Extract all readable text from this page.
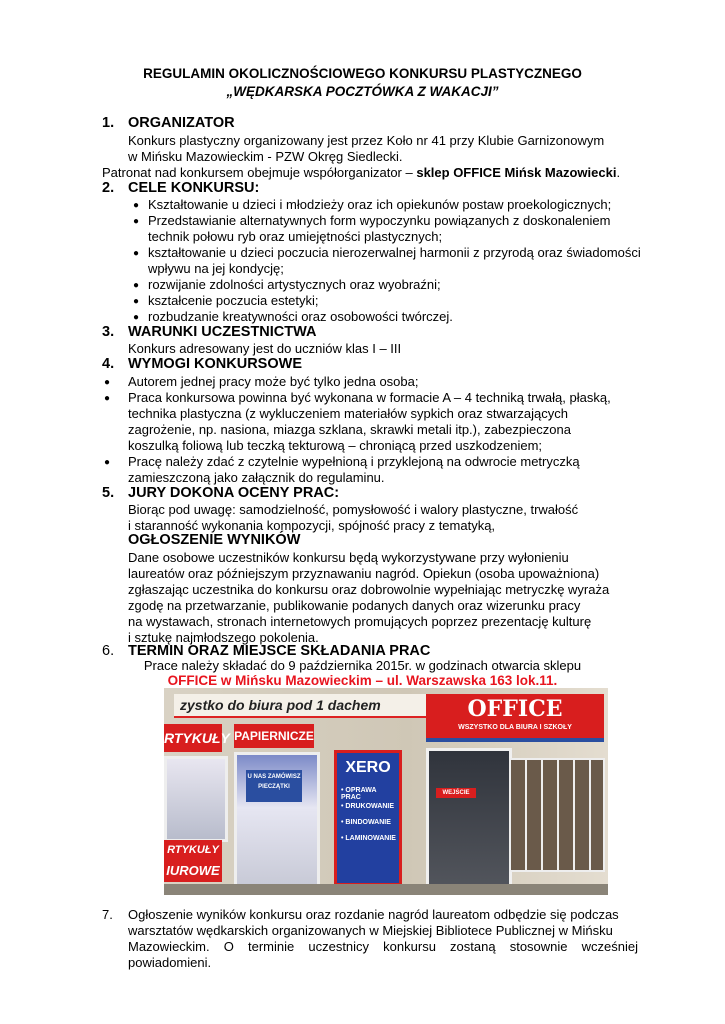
REGULAMIN OKOLICZNOŚCIOWEGO KONKURSU PLASTYCZNEGO
„WĘDKARSKA POCZTÓWKA Z WAKACJI”
1. ORGANIZATOR
Konkurs plastyczny organizowany jest przez Koło nr 41 przy Klubie Garnizonowym
w Mińsku Mazowieckim - PZW Okręg Siedlecki.
Patronat nad konkursem obejmuje współorganizator – sklep OFFICE Mińsk Mazowiecki.
2. CELE KONKURSU:
● Kształtowanie u dzieci i młodzieży oraz ich opiekunów postaw proekologicznych;
● Przedstawianie alternatywnych form wypoczynku powiązanych z doskonaleniem
technik połowu ryb oraz umiejętności plastycznych;
● kształtowanie u dzieci poczucia nierozerwalnej harmonii z przyrodą oraz świadomości
wpływu na jej kondycję;
● rozwijanie zdolności artystycznych oraz wyobraźni;
● kształcenie poczucia estetyki;
● rozbudzanie kreatywności oraz osobowości twórczej.
3. WARUNKI UCZESTNICTWA
Konkurs adresowany jest do uczniów klas I – III
4. WYMOGI KONKURSOWE
● Autorem jednej pracy może być tylko jedna osoba;
● Praca konkursowa powinna być wykonana w formacie A – 4 techniką trwałą, płaską,
technika plastyczna (z wykluczeniem materiałów sypkich oraz stwarzających
zagrożenie, np. nasiona, miazga szklana, skrawki metali itp.), zabezpieczona
koszulką foliową lub teczką tekturową – chroniącą przed uszkodzeniem;
● Pracę należy zdać z czytelnie wypełnioną i przyklejoną na odwrocie metryczką
zamieszczoną jako załącznik do regulaminu.
5. JURY DOKONA OCENY PRAC:
Biorąc pod uwagę: samodzielność, pomysłowość i walory plastyczne, trwałość
i staranność wykonania kompozycji, spójność pracy z tematyką,
OGŁOSZENIE WYNIKÓW
Dane osobowe uczestników konkursu będą wykorzystywane przy wyłonieniu
laureatów oraz późniejszym przyznawaniu nagród. Opiekun (osoba upoważniona)
zgłaszając uczestnika do konkursu oraz dobrowolnie wypełniając metryczkę wyraża
zgodę na przetwarzanie, publikowanie podanych danych oraz wizerunku pracy
na wystawach, stronach internetowych promujących poprzez prezentację kulturę
i sztukę najmłodszego pokolenia.
6. TERMIN ORAZ MIEJSCE SKŁADANIA PRAC
Prace należy składać do 9 października 2015r. w godzinach otwarcia sklepu
OFFICE w Mińsku Mazowieckim – ul. Warszawska 163 lok.11.
zystko do biura pod 1 dachem
RTYKUŁY
RTYKUŁY
IUROWE
PAPIERNICZE
U NAS ZAMÓWISZ PIECZĄTKI
XERO
• OPRAWA PRAC
• DRUKOWANIE
• BINDOWANIE
• LAMINOWANIE
OFFICE
WSZYSTKO DLA BIURA I SZKOŁY
WEJŚCIE
7. Ogłoszenie wyników konkursu oraz rozdanie nagród laureatom odbędzie się podczas
warsztatów wędkarskich organizowanych w Miejskiej Bibliotece Publicznej w Mińsku
Mazowieckim. O terminie uczestnicy konkursu zostaną stosownie wcześniej powiadomieni.
